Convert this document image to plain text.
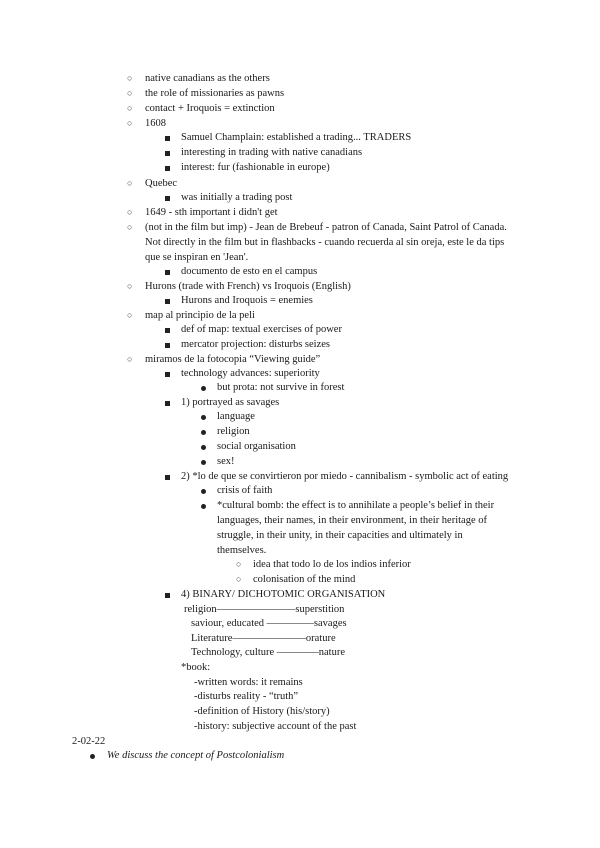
○ native canadians as the others
○ the role of missionaries as pawns
○ contact + Iroquois = extinction
○ 1608
Samuel Champlain: established a trading... TRADERS
interesting in trading with native canadians
interest: fur (fashionable in europe)
○ Quebec
was initially a trading post
○ 1649 - sth important i didn't get
○ (not in the film but imp) - Jean de Brebeuf - patron of Canada, Saint Patrol of Canada.
Not directly in the film but in flashbacks - cuando recuerda al sin oreja, este le da tips
que se inspiran en 'Jean'.
documento de esto en el campus
○ Hurons (trade with French) vs Iroquois (English)
Hurons and Iroquois = enemies
○ map al principio de la peli
def of map: textual exercises of power
mercator projection: disturbs seizes
○ miramos de la fotocopia “Viewing guide”
technology advances: superiority
but prota: not survive in forest
1) portrayed as savages
language
religion
social organisation
sex!
2) *lo de que se convirtieron por miedo - cannibalism - symbolic act of eating
crisis of faith
*cultural bomb: the effect is to annihilate a people’s belief in their
languages, their names, in their environment, in their heritage of
struggle, in their unity, in their capacities and ultimately in
themselves.
○ idea that todo lo de los indios inferior
○ colonisation of the mind
4) BINARY/ DICHOTOMIC ORGANISATION
religion——–––––––––––superstition
saviour, educated —–––––––savages
Literature—––––––––––––orature
Technology, culture —––––––nature
*book:
-written words: it remains
-disturbs reality - “truth”
-definition of History (his/story)
-history: subjective account of the past
2-02-22
We discuss the concept of Postcolonialism
